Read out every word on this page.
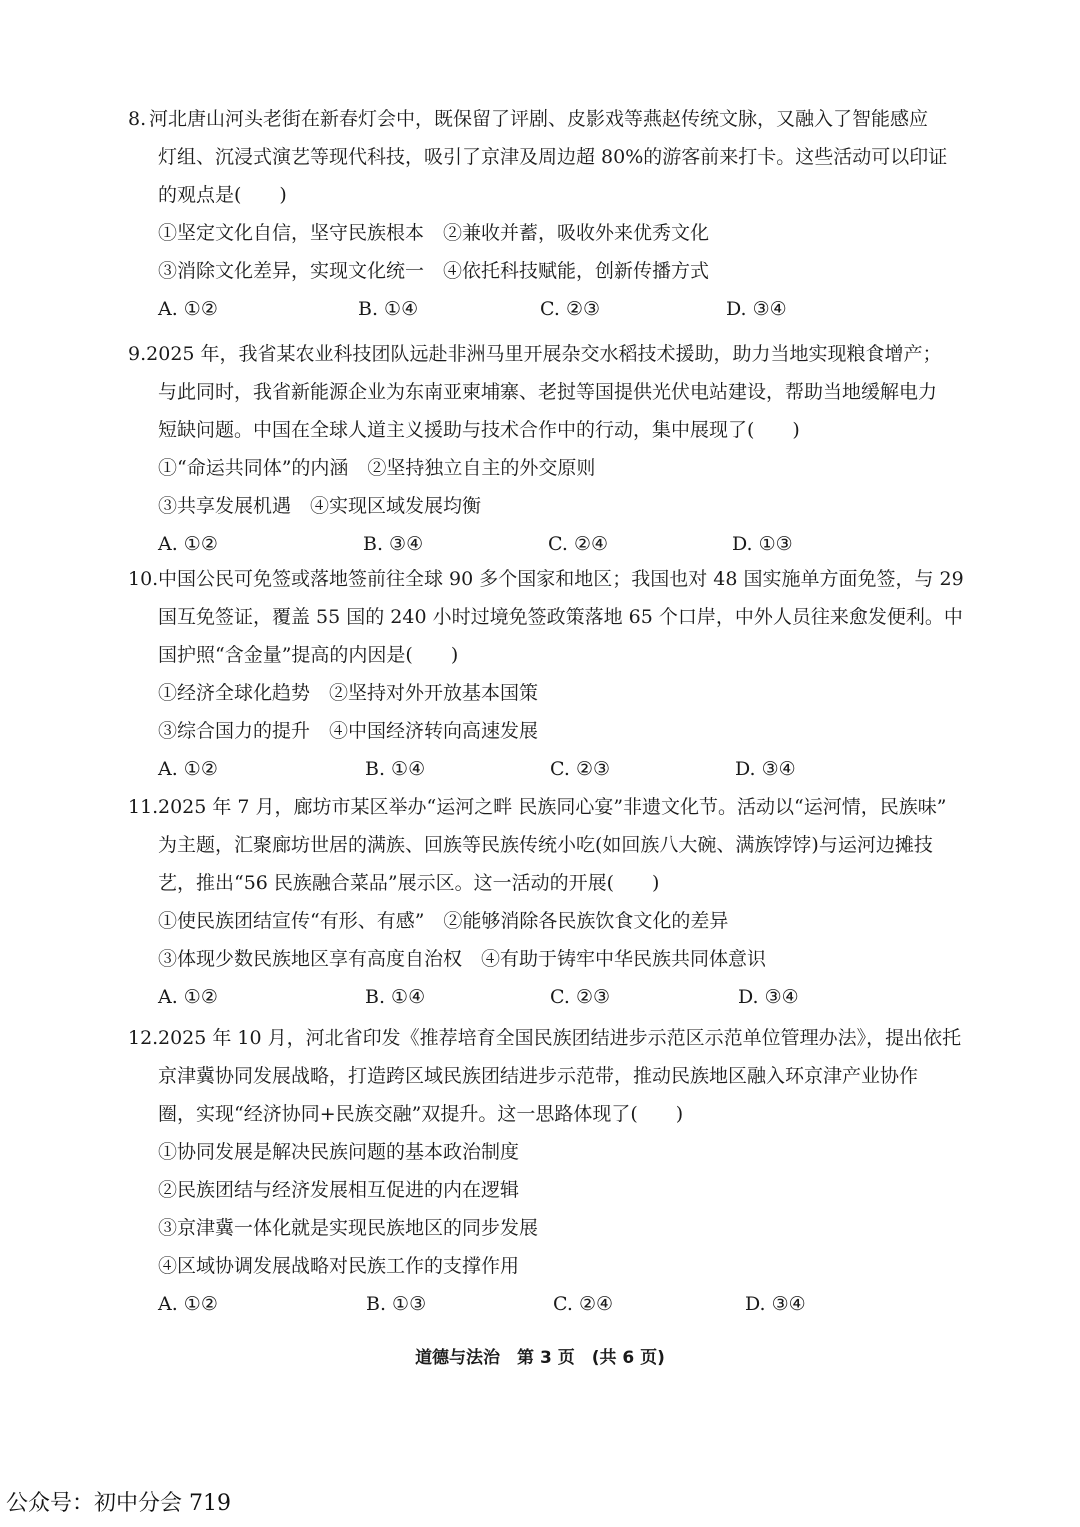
8. 河北唐山河头老街在新春灯会中，既保留了评剧、皮影戏等燕赵传统文脉，又融入了智能感应
灯组、沉浸式演艺等现代科技，吸引了京津及周边超 80%的游客前来打卡。这些活动可以印证
的观点是(　　)
①坚定文化自信，坚守民族根本　②兼收并蓄，吸收外来优秀文化
③消除文化差异，实现文化统一　④依托科技赋能，创新传播方式
A. ①②	B. ①④	C. ②③	D. ③④
9. 2025 年，我省某农业科技团队远赴非洲马里开展杂交水稻技术援助，助力当地实现粮食增产；
与此同时，我省新能源企业为东南亚柬埔寨、老挝等国提供光伏电站建设，帮助当地缓解电力
短缺问题。中国在全球人道主义援助与技术合作中的行动，集中展现了(　　)
①“命运共同体”的内涵　②坚持独立自主的外交原则
③共享发展机遇　④实现区域发展均衡
A. ①②	B. ③④	C. ②④	D. ①③
10. 中国公民可免签或落地签前往全球 90 多个国家和地区；我国也对 48 国实施单方面免签，与 29
国互免签证，覆盖 55 国的 240 小时过境免签政策落地 65 个口岸，中外人员往来愈发便利。中
国护照“含金量”提高的内因是(　　)
①经济全球化趋势　②坚持对外开放基本国策
③综合国力的提升　④中国经济转向高速发展
A. ①②	B. ①④	C. ②③	D. ③④
11. 2025 年 7 月，廊坊市某区举办“运河之畔 民族同心宴”非遗文化节。活动以“运河情，民族味”
为主题，汇聚廊坊世居的满族、回族等民族传统小吃(如回族八大碗、满族饽饽)与运河边摊技
艺，推出“56 民族融合菜品”展示区。这一活动的开展(　　)
①使民族团结宣传“有形、有感”　②能够消除各民族饮食文化的差异
③体现少数民族地区享有高度自治权　④有助于铸牢中华民族共同体意识
A. ①②	B. ①④	C. ②③	D. ③④
12. 2025 年 10 月，河北省印发《推荐培育全国民族团结进步示范区示范单位管理办法》，提出依托
京津冀协同发展战略，打造跨区域民族团结进步示范带，推动民族地区融入环京津产业协作
圈，实现“经济协同+民族交融”双提升。这一思路体现了(　　)
①协同发展是解决民族问题的基本政治制度
②民族团结与经济发展相互促进的内在逻辑
③京津冀一体化就是实现民族地区的同步发展
④区域协调发展战略对民族工作的支撑作用
A. ①②	B. ①③	C. ②④	D. ③④
道德与法治　第 3 页　(共 6 页)
公众号：初中分会 719
